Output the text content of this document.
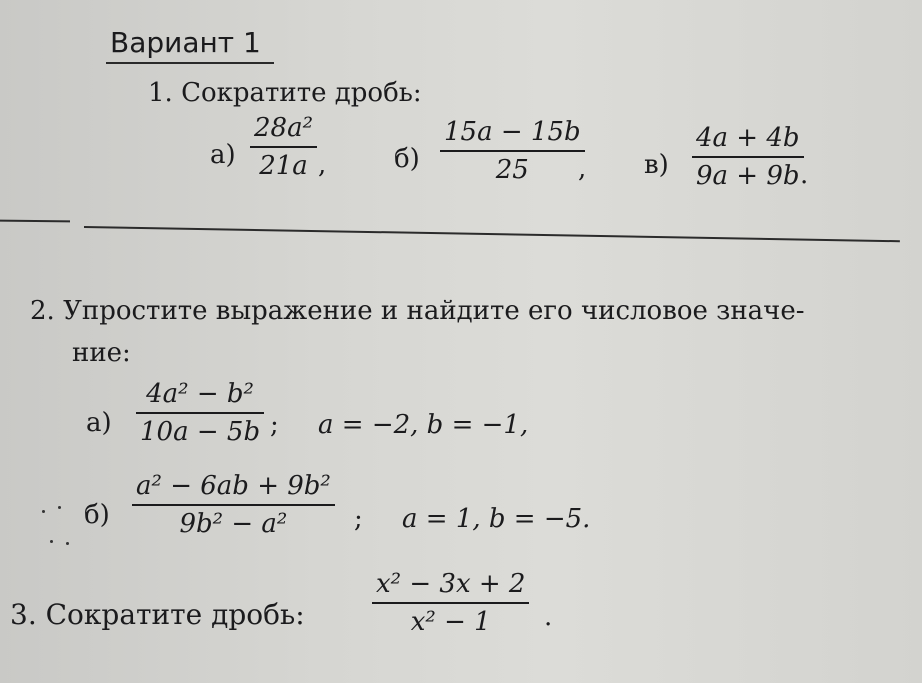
Вариант 1
1. Сократите дробь:
а)
28a²
21a ,	б)
15a − 15b
25 , в)
4a + 4b
9a + 9b .
2. Упростите выражение и найдите его числовое значе-
ние:
а)
4a² − b²
10a − 5b ; a = −2, b = −1,
б)
a² − 6ab + 9b²
9b² − a²	; a = 1, b = −5.
3. Сократите дробь:
x² − 3x + 2
x² − 1 .
